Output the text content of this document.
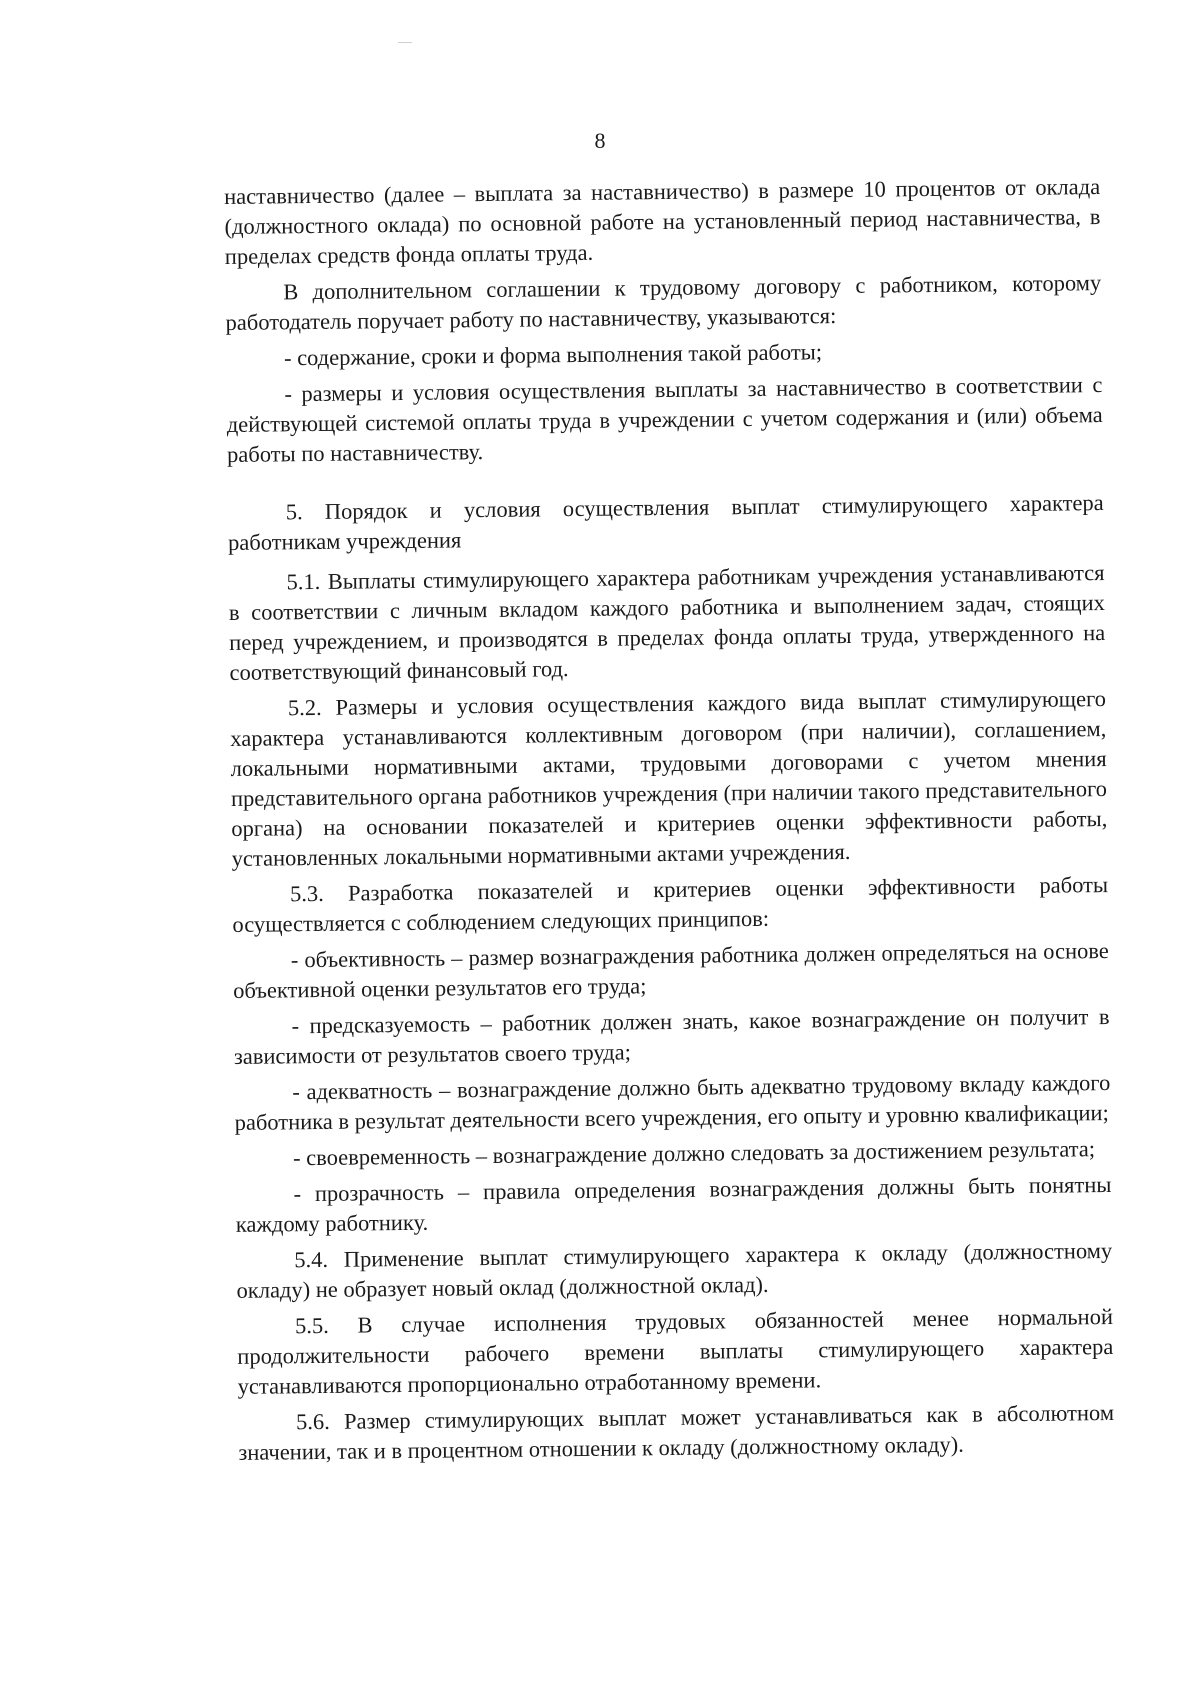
8

наставничество (далее – выплата за наставничество) в размере 10 процентов от оклада (должностного оклада) по основной работе на установленный период наставничества, в пределах средств фонда оплаты труда.

В дополнительном соглашении к трудовому договору с работником, которому работодатель поручает работу по наставничеству, указываются:

- содержание, сроки и форма выполнения такой работы;

- размеры и условия осуществления выплаты за наставничество в соответствии с действующей системой оплаты труда в учреждении с учетом содержания и (или) объема работы по наставничеству.

5. Порядок и условия осуществления выплат стимулирующего характера работникам учреждения

5.1. Выплаты стимулирующего характера работникам учреждения устанавливаются в соответствии с личным вкладом каждого работника и выполнением задач, стоящих перед учреждением, и производятся в пределах фонда оплаты труда, утвержденного на соответствующий финансовый год.

5.2. Размеры и условия осуществления каждого вида выплат стимулирующего характера устанавливаются коллективным договором (при наличии), соглашением, локальными нормативными актами, трудовыми договорами с учетом мнения представительного органа работников учреждения (при наличии такого представительного органа) на основании показателей и критериев оценки эффективности работы, установленных локальными нормативными актами учреждения.

5.3. Разработка показателей и критериев оценки эффективности работы осуществляется с соблюдением следующих принципов:

- объективность – размер вознаграждения работника должен определяться на основе объективной оценки результатов его труда;

- предсказуемость – работник должен знать, какое вознаграждение он получит в зависимости от результатов своего труда;

- адекватность – вознаграждение должно быть адекватно трудовому вкладу каждого работника в результат деятельности всего учреждения, его опыту и уровню квалификации;

- своевременность – вознаграждение должно следовать за достижением результата;

- прозрачность – правила определения вознаграждения должны быть понятны каждому работнику.

5.4. Применение выплат стимулирующего характера к окладу (должностному окладу) не образует новый оклад (должностной оклад).

5.5. В случае исполнения трудовых обязанностей менее нормальной продолжительности рабочего времени выплаты стимулирующего характера устанавливаются пропорционально отработанному времени.

5.6. Размер стимулирующих выплат может устанавливаться как в абсолютном значении, так и в процентном отношении к окладу (должностному окладу).
